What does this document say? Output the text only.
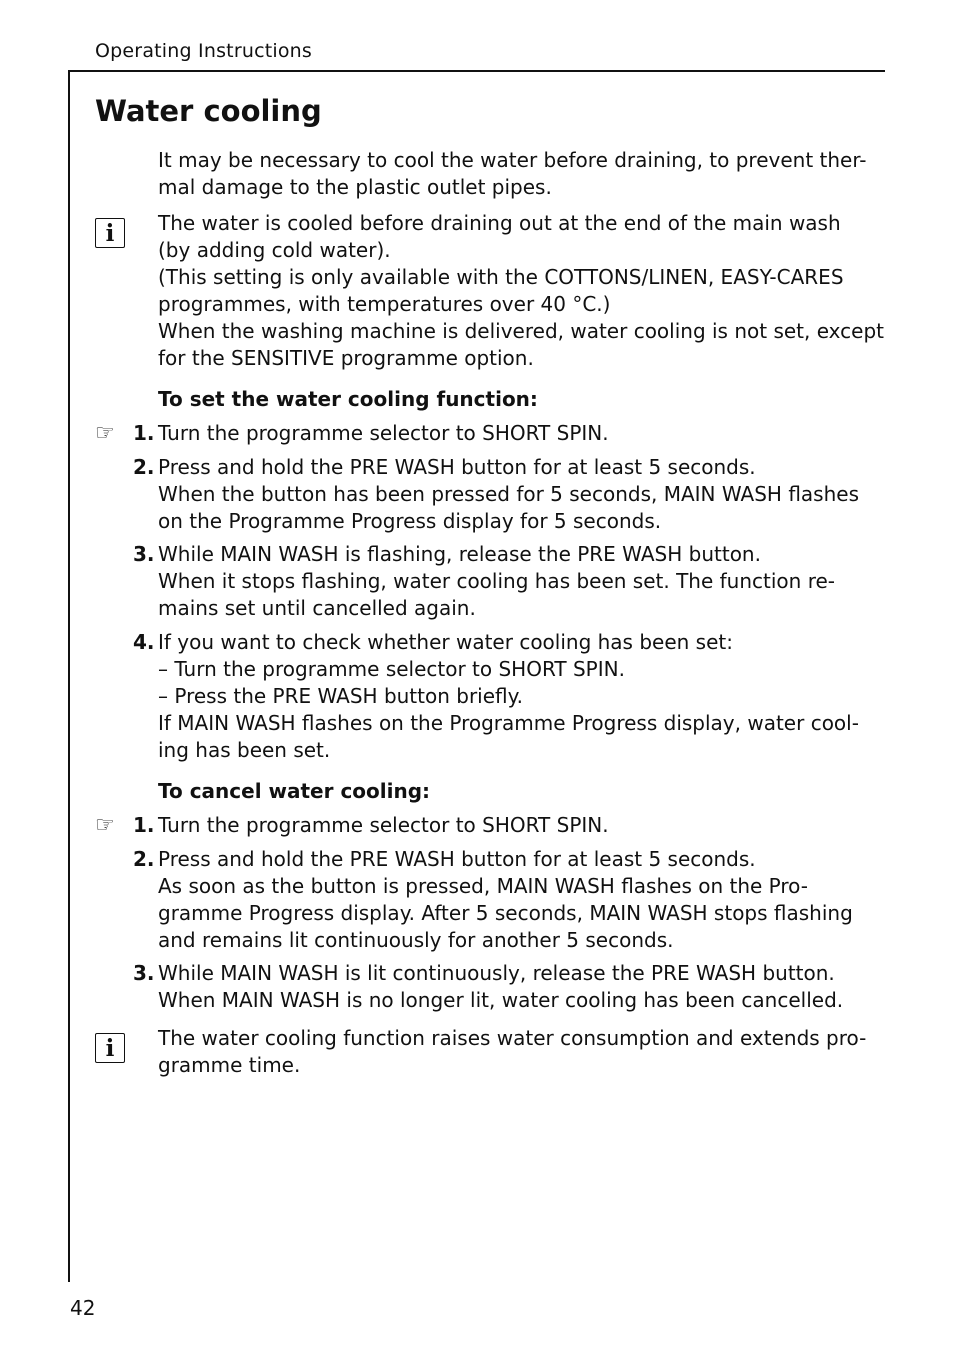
Operating Instructions
Water cooling
It may be necessary to cool the water before draining, to prevent ther-
mal damage to the plastic outlet pipes.
i	The water is cooled before draining out at the end of the main wash
(by adding cold water).
(This setting is only available with the COTTONS/LINEN, EASY-CARES
programmes, with temperatures over 40 °C.)
When the washing machine is delivered, water cooling is not set, except
for the SENSITIVE programme option.
To set the water cooling function:
☞ 1. Turn the programme selector to SHORT SPIN.
2. Press and hold the PRE WASH button for at least 5 seconds.
When the button has been pressed for 5 seconds, MAIN WASH flashes
on the Programme Progress display for 5 seconds.
3. While MAIN WASH is flashing, release the PRE WASH button.
When it stops flashing, water cooling has been set. The function re-
mains set until cancelled again.
4. If you want to check whether water cooling has been set:
– Turn the programme selector to SHORT SPIN.
– Press the PRE WASH button briefly.
If MAIN WASH flashes on the Programme Progress display, water cool-
ing has been set.
To cancel water cooling:
☞ 1. Turn the programme selector to SHORT SPIN.
2. Press and hold the PRE WASH button for at least 5 seconds.
As soon as the button is pressed, MAIN WASH flashes on the Pro-
gramme Progress display. After 5 seconds, MAIN WASH stops flashing
and remains lit continuously for another 5 seconds.
3. While MAIN WASH is lit continuously, release the PRE WASH button.
When MAIN WASH is no longer lit, water cooling has been cancelled.
i	The water cooling function raises water consumption and extends pro-
gramme time.
42
